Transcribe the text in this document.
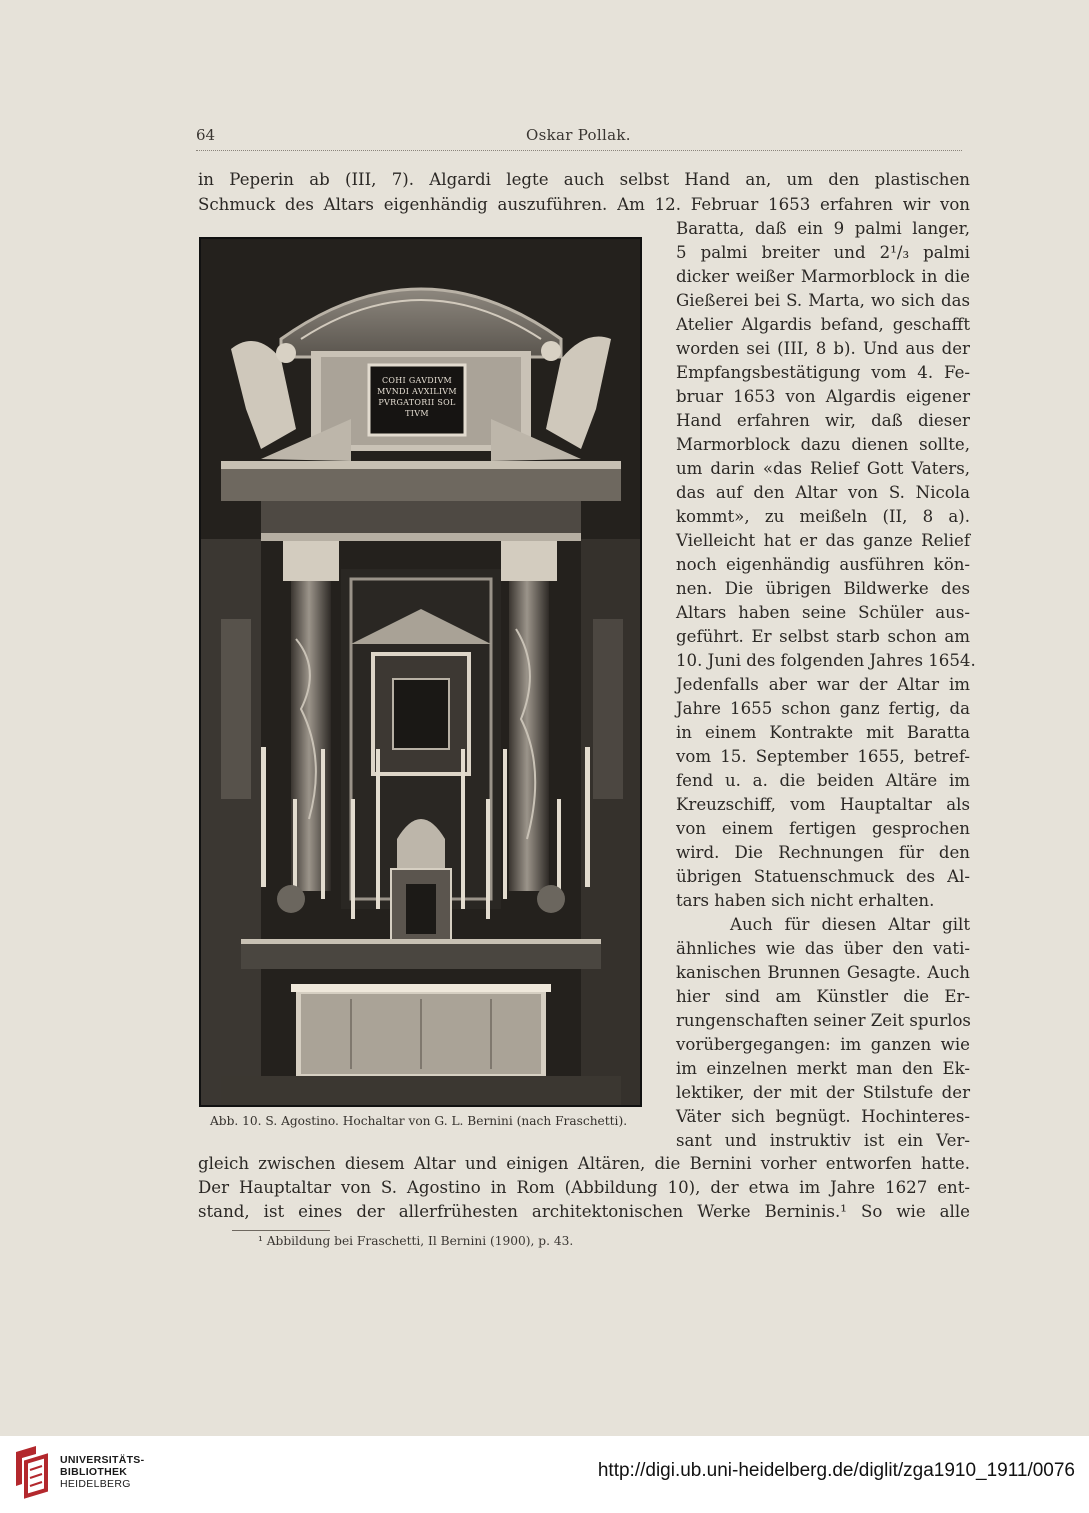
64	Oskar Pollak.
in Peperin ab (III, 7). Algardi legte auch selbst Hand an, um den plastischen
Schmuck des Altars eigenhändig auszuführen. Am 12. Februar 1653 erfahren wir von
COHI GAVDIVM
MVNDI AVXILIVM
PVRGATORII SOL
TIVM
Baratta, daß ein 9 palmi langer,
5 palmi breiter und 2¹/₃ palmi
dicker weißer Marmorblock in die
Gießerei bei S. Marta, wo sich das
Atelier Algardis befand, geschafft
worden sei (III, 8 b). Und aus der
Empfangsbestätigung vom 4. Fe-
bruar 1653 von Algardis eigener
Hand erfahren wir, daß dieser
Marmorblock dazu dienen sollte,
um darin «das Relief Gott Vaters,
das auf den Altar von S. Nicola
kommt», zu meißeln (II, 8 a).
Vielleicht hat er das ganze Relief
noch eigenhändig ausführen kön-
nen. Die übrigen Bildwerke des
Altars haben seine Schüler aus-
geführt. Er selbst starb schon am
10. Juni des folgenden Jahres 1654.
Jedenfalls aber war der Altar im
Jahre 1655 schon ganz fertig, da
in einem Kontrakte mit Baratta
vom 15. September 1655, betref-
fend u. a. die beiden Altäre im
Kreuzschiff, vom Hauptaltar als
von einem fertigen gesprochen
wird. Die Rechnungen für den
übrigen Statuenschmuck des Al-
tars haben sich nicht erhalten.
Auch für diesen Altar gilt
ähnliches wie das über den vati-
kanischen Brunnen Gesagte. Auch
hier sind am Künstler die Er-
rungenschaften seiner Zeit spurlos
vorübergegangen: im ganzen wie
im einzelnen merkt man den Ek-
lektiker, der mit der Stilstufe der
Väter sich begnügt. Hochinteres-
sant und instruktiv ist ein Ver-
Abb. 10. S. Agostino. Hochaltar von G. L. Bernini (nach Fraschetti).
gleich zwischen diesem Altar und einigen Altären, die Bernini vorher entworfen hatte.
Der Hauptaltar von S. Agostino in Rom (Abbildung 10), der etwa im Jahre 1627 ent-
stand, ist eines der allerfrühesten architektonischen Werke Berninis.¹ So wie alle
¹ Abbildung bei Fraschetti, Il Bernini (1900), p. 43.
UNIVERSITÄTS-
BIBLIOTHEK
HEIDELBERG
http://digi.ub.uni-heidelberg.de/diglit/zga1910_1911/0076
